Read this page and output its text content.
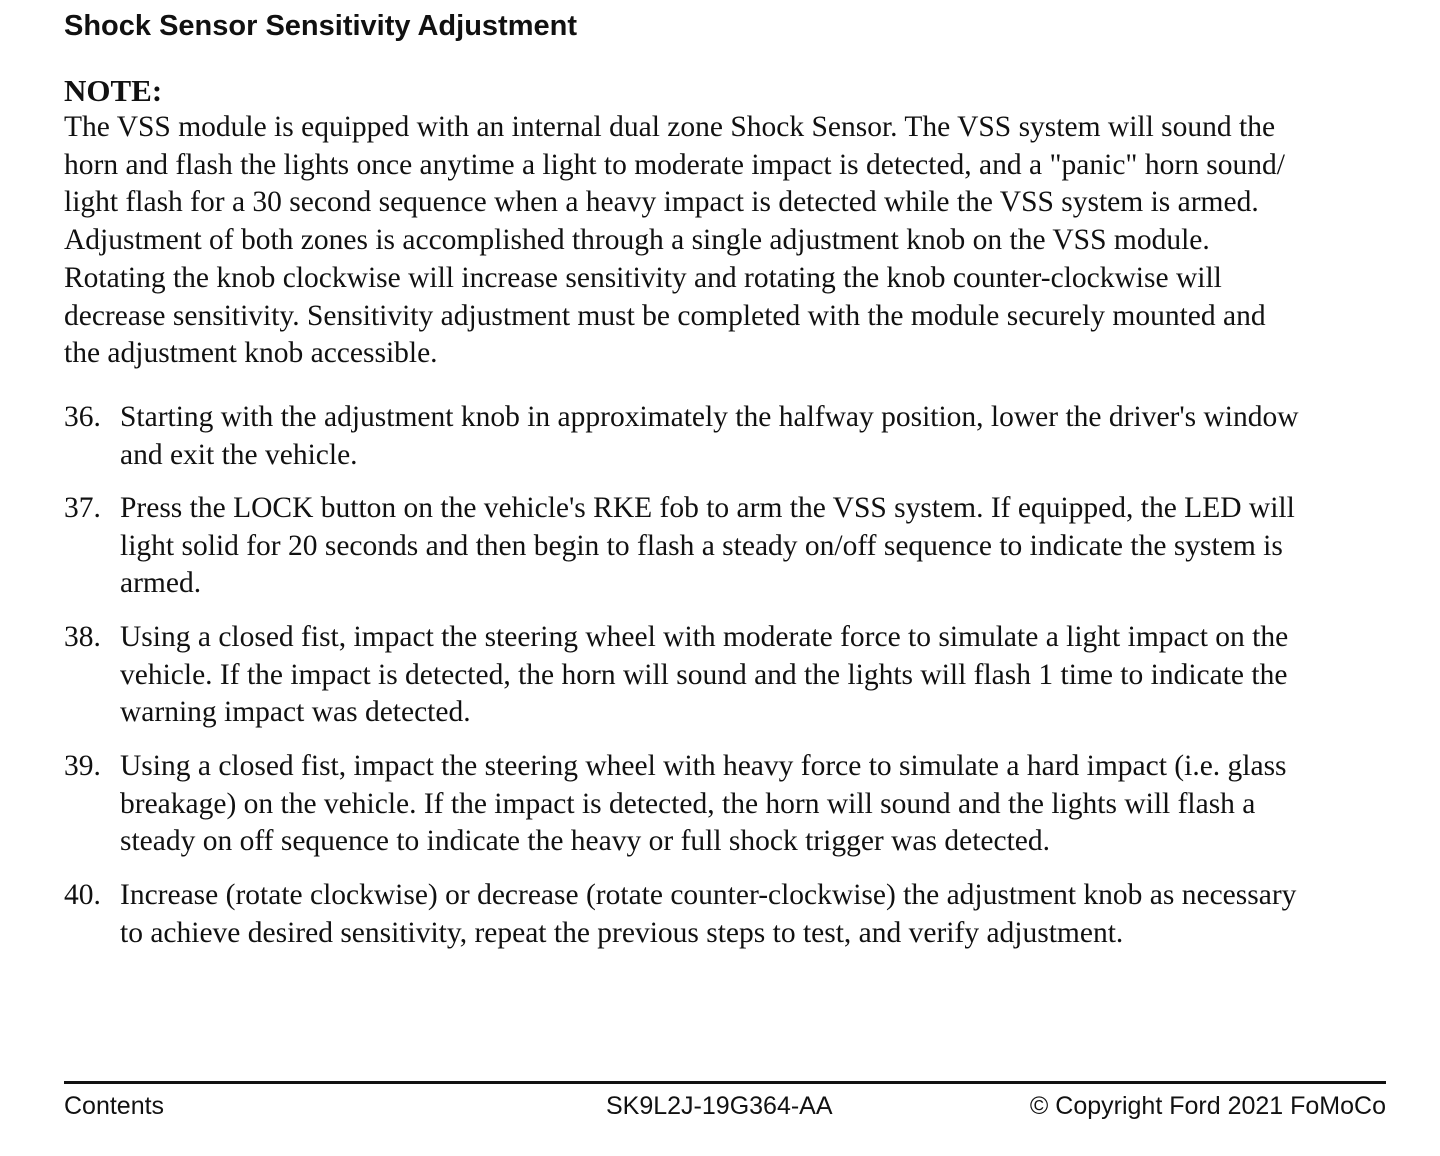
Shock Sensor Sensitivity Adjustment
NOTE:
The VSS module is equipped with an internal dual zone Shock Sensor. The VSS system will sound the
horn and flash the lights once anytime a light to moderate impact is detected, and a "panic" horn sound/
light flash for a 30 second sequence when a heavy impact is detected while the VSS system is armed.
Adjustment of both zones is accomplished through a single adjustment knob on the VSS module.
Rotating the knob clockwise will increase sensitivity and rotating the knob counter-clockwise will
decrease sensitivity. Sensitivity adjustment must be completed with the module securely mounted and
the adjustment knob accessible.
36. Starting with the adjustment knob in approximately the halfway position, lower the driver's window
and exit the vehicle.
37. Press the LOCK button on the vehicle's RKE fob to arm the VSS system. If equipped, the LED will
light solid for 20 seconds and then begin to flash a steady on/off sequence to indicate the system is
armed.
38. Using a closed fist, impact the steering wheel with moderate force to simulate a light impact on the
vehicle. If the impact is detected, the horn will sound and the lights will flash 1 time to indicate the
warning impact was detected.
39. Using a closed fist, impact the steering wheel with heavy force to simulate a hard impact (i.e. glass
breakage) on the vehicle. If the impact is detected, the horn will sound and the lights will flash a
steady on off sequence to indicate the heavy or full shock trigger was detected.
40. Increase (rotate clockwise) or decrease (rotate counter-clockwise) the adjustment knob as necessary
to achieve desired sensitivity, repeat the previous steps to test, and verify adjustment.
Contents	SK9L2J-19G364-AA	© Copyright Ford 2021 FoMoCo
